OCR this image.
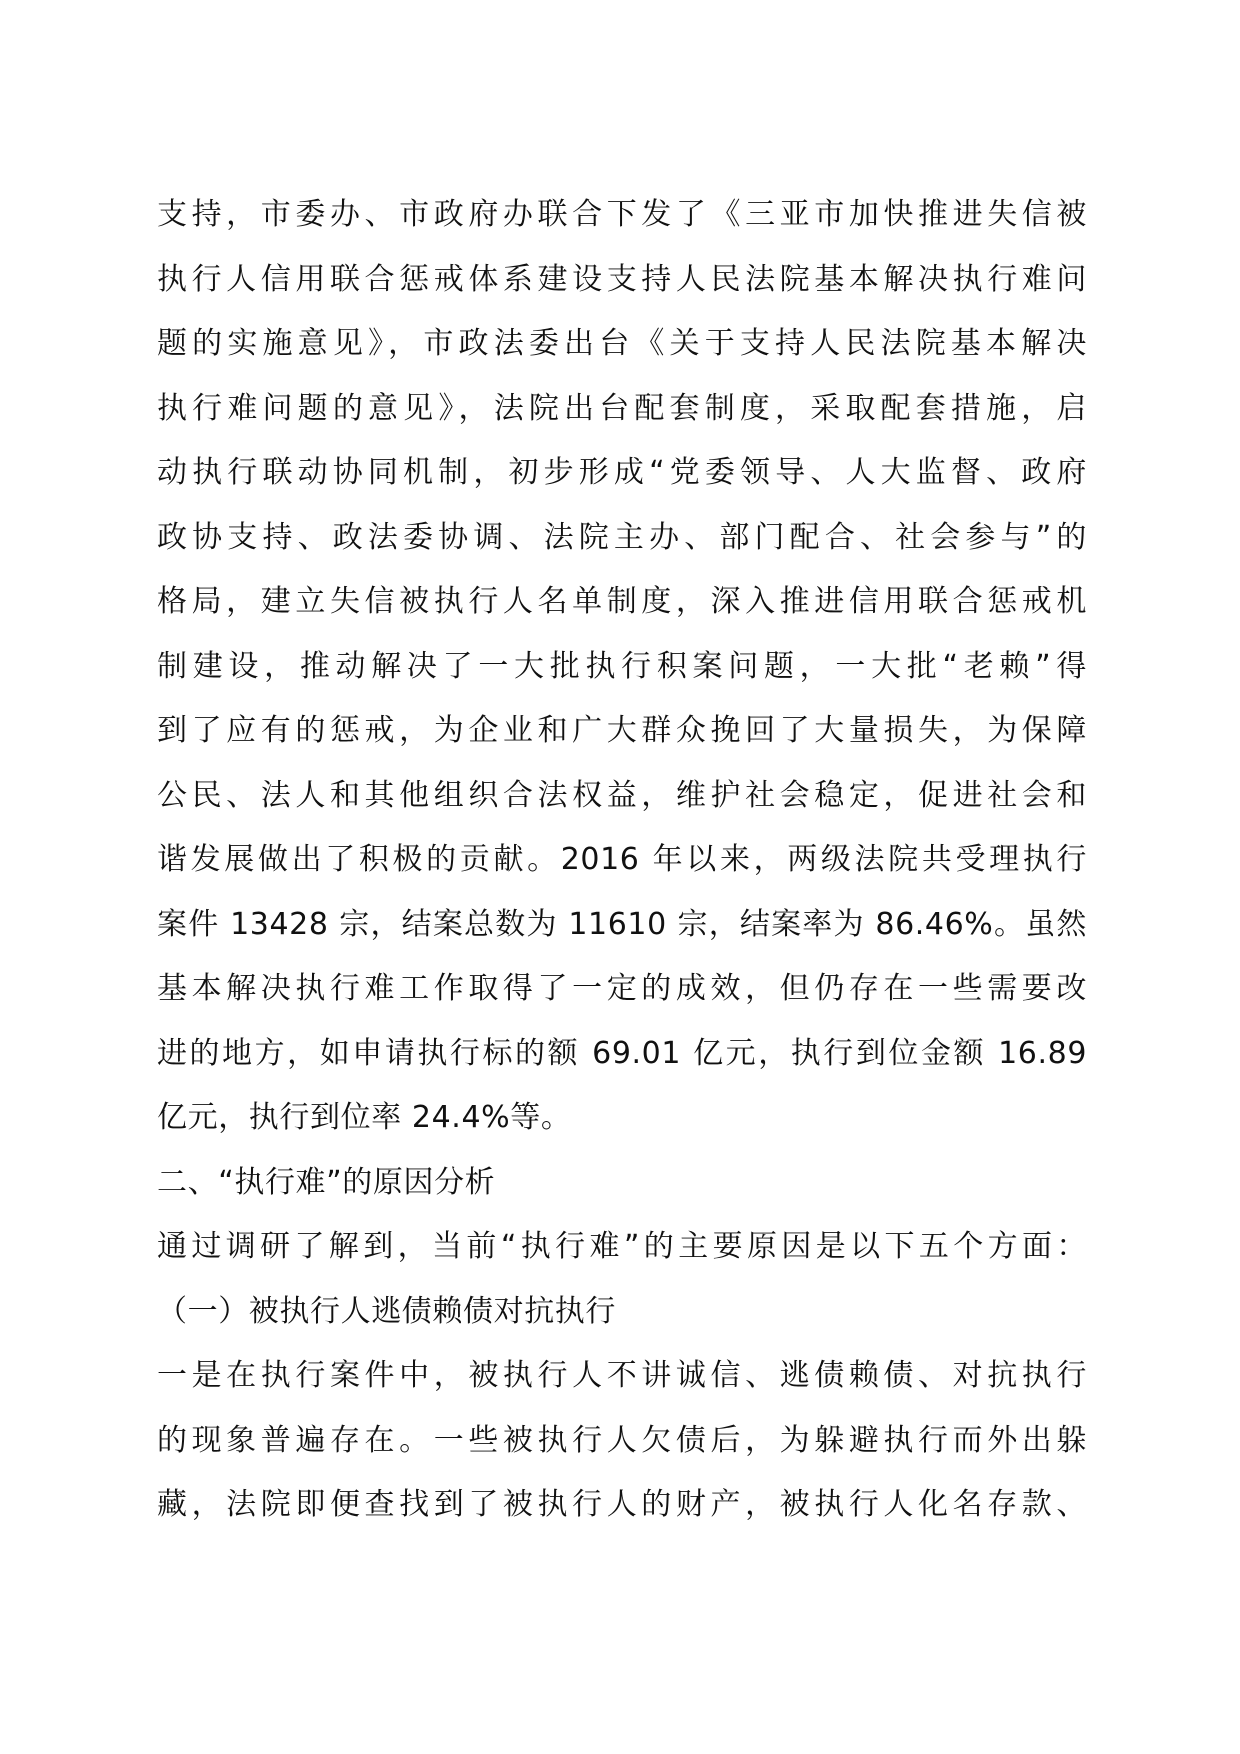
支持，市委办、市政府办联合下发了《三亚市加快推进失信被
执行人信用联合惩戒体系建设支持人民法院基本解决执行难问
题的实施意见》，市政法委出台《关于支持人民法院基本解决
执行难问题的意见》，法院出台配套制度，采取配套措施，启
动执行联动协同机制，初步形成“党委领导、人大监督、政府
政协支持、政法委协调、法院主办、部门配合、社会参与”的
格局，建立失信被执行人名单制度，深入推进信用联合惩戒机
制建设，推动解决了一大批执行积案问题，一大批“老赖”得
到了应有的惩戒，为企业和广大群众挽回了大量损失，为保障
公民、法人和其他组织合法权益，维护社会稳定，促进社会和
谐发展做出了积极的贡献。2016 年以来，两级法院共受理执行
案件 13428 宗，结案总数为 11610 宗，结案率为 86.46%。虽然
基本解决执行难工作取得了一定的成效，但仍存在一些需要改
进的地方，如申请执行标的额 69.01 亿元，执行到位金额 16.89
亿元，执行到位率 24.4%等。
二、“执行难”的原因分析
通过调研了解到，当前“执行难”的主要原因是以下五个方面：
（一）被执行人逃债赖债对抗执行
一是在执行案件中，被执行人不讲诚信、逃债赖债、对抗执行
的现象普遍存在。一些被执行人欠债后，为躲避执行而外出躲
藏，法院即便查找到了被执行人的财产，被执行人化名存款、
